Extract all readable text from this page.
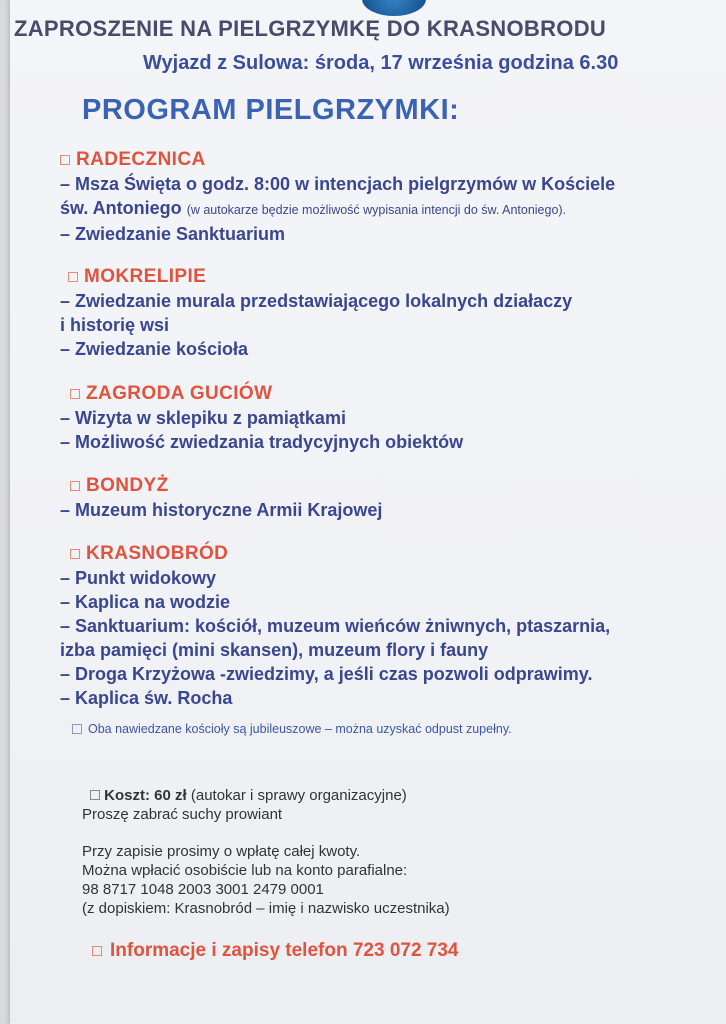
ZAPROSZENIE NA PIELGRZYMKĘ DO KRASNOBRODU
Wyjazd z Sulowa: środa, 17 września godzina 6.30
PROGRAM PIELGRZYMKI:
RADECZNICA
– Msza Święta o godz. 8:00 w intencjach pielgrzymów w Kościele
św. Antoniego (w autokarze będzie możliwość wypisania intencji do św. Antoniego).
– Zwiedzanie Sanktuarium
MOKRELIPIE
– Zwiedzanie murala przedstawiającego lokalnych działaczy
i historię wsi
– Zwiedzanie kościoła
ZAGRODA GUCIÓW
– Wizyta w sklepiku z pamiątkami
– Możliwość zwiedzania tradycyjnych obiektów
BONDYŻ
– Muzeum historyczne Armii Krajowej
KRASNOBRÓD
– Punkt widokowy
– Kaplica na wodzie
– Sanktuarium: kościół, muzeum wieńców żniwnych, ptaszarnia,
izba pamięci (mini skansen), muzeum flory i fauny
– Droga Krzyżowa -zwiedzimy, a jeśli czas pozwoli odprawimy.
– Kaplica św. Rocha
Oba nawiedzane kościoły są jubileuszowe – można uzyskać odpust zupełny.
Koszt: 60 zł (autokar i sprawy organizacyjne)
Proszę zabrać suchy prowiant
Przy zapisie prosimy o wpłatę całej kwoty.
Można wpłacić osobiście lub na konto parafialne:
98 8717 1048 2003 3001 2479 0001
(z dopiskiem: Krasnobród – imię i nazwisko uczestnika)
Informacje i zapisy telefon 723 072 734
